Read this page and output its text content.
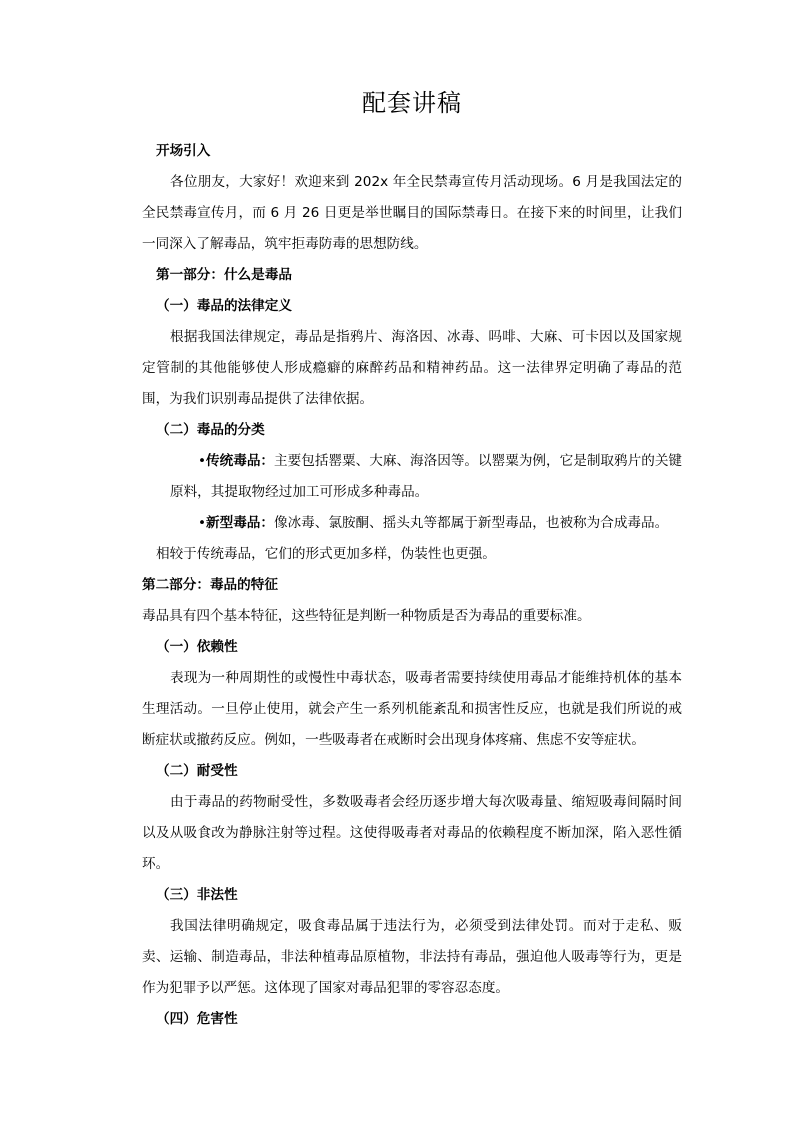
配套讲稿

开场引入

各位朋友，大家好！欢迎来到 202x 年全民禁毒宣传月活动现场。6 月是我国法定的全民禁毒宣传月，而 6 月 26 日更是举世瞩目的国际禁毒日。在接下来的时间里，让我们一同深入了解毒品，筑牢拒毒防毒的思想防线。

第一部分：什么是毒品

（一）毒品的法律定义

根据我国法律规定，毒品是指鸦片、海洛因、冰毒、吗啡、大麻、可卡因以及国家规定管制的其他能够使人形成瘾癖的麻醉药品和精神药品。这一法律界定明确了毒品的范围，为我们识别毒品提供了法律依据。

（二）毒品的分类

•传统毒品：主要包括罂粟、大麻、海洛因等。以罂粟为例，它是制取鸦片的关键原料，其提取物经过加工可形成多种毒品。

•新型毒品：像冰毒、氯胺酮、摇头丸等都属于新型毒品，也被称为合成毒品。

相较于传统毒品，它们的形式更加多样，伪装性也更强。

第二部分：毒品的特征

毒品具有四个基本特征，这些特征是判断一种物质是否为毒品的重要标准。

（一）依赖性

表现为一种周期性的或慢性中毒状态，吸毒者需要持续使用毒品才能维持机体的基本生理活动。一旦停止使用，就会产生一系列机能紊乱和损害性反应，也就是我们所说的戒断症状或撤药反应。例如，一些吸毒者在戒断时会出现身体疼痛、焦虑不安等症状。

（二）耐受性

由于毒品的药物耐受性，多数吸毒者会经历逐步增大每次吸毒量、缩短吸毒间隔时间以及从吸食改为静脉注射等过程。这使得吸毒者对毒品的依赖程度不断加深，陷入恶性循环。

（三）非法性

我国法律明确规定，吸食毒品属于违法行为，必须受到法律处罚。而对于走私、贩卖、运输、制造毒品，非法种植毒品原植物，非法持有毒品，强迫他人吸毒等行为，更是作为犯罪予以严惩。这体现了国家对毒品犯罪的零容忍态度。

（四）危害性
